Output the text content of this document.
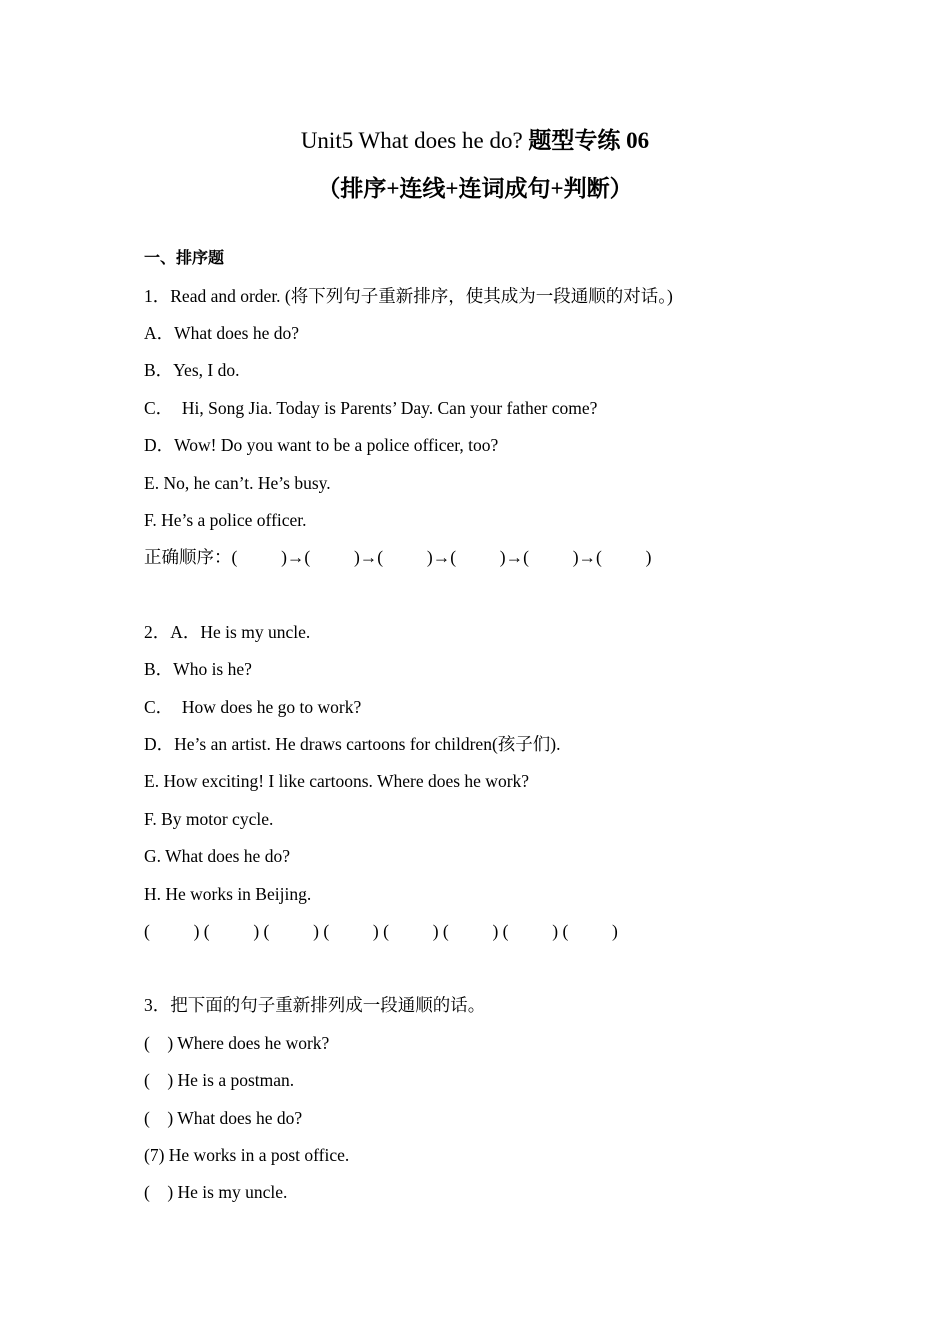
Unit5 What does he do? 题型专练 06
（排序+连线+连词成句+判断）
一、排序题
1．Read and order. (将下列句子重新排序，使其成为一段通顺的对话。)
A．What does he do?
B．Yes, I do.
C．  Hi, Song Jia. Today is Parents’ Day. Can your father come?
D．Wow! Do you want to be a police officer, too?
E. No, he can’t. He’s busy.
F. He’s a police officer.
正确顺序：(          )→(          )→(          )→(          )→(          )→(          )
2．A．He is my uncle.
B．Who is he?
C．  How does he go to work?
D．He’s an artist. He draws cartoons for children(孩子们).
E. How exciting! I like cartoons. Where does he work?
F. By motor cycle.
G. What does he do?
H. He works in Beijing.
(          ) (          ) (          ) (          ) (          ) (          ) (          ) (          )
3．把下面的句子重新排列成一段通顺的话。
(    ) Where does he work?
(    ) He is a postman.
(    ) What does he do?
(7) He works in a post office.
(    ) He is my uncle.
